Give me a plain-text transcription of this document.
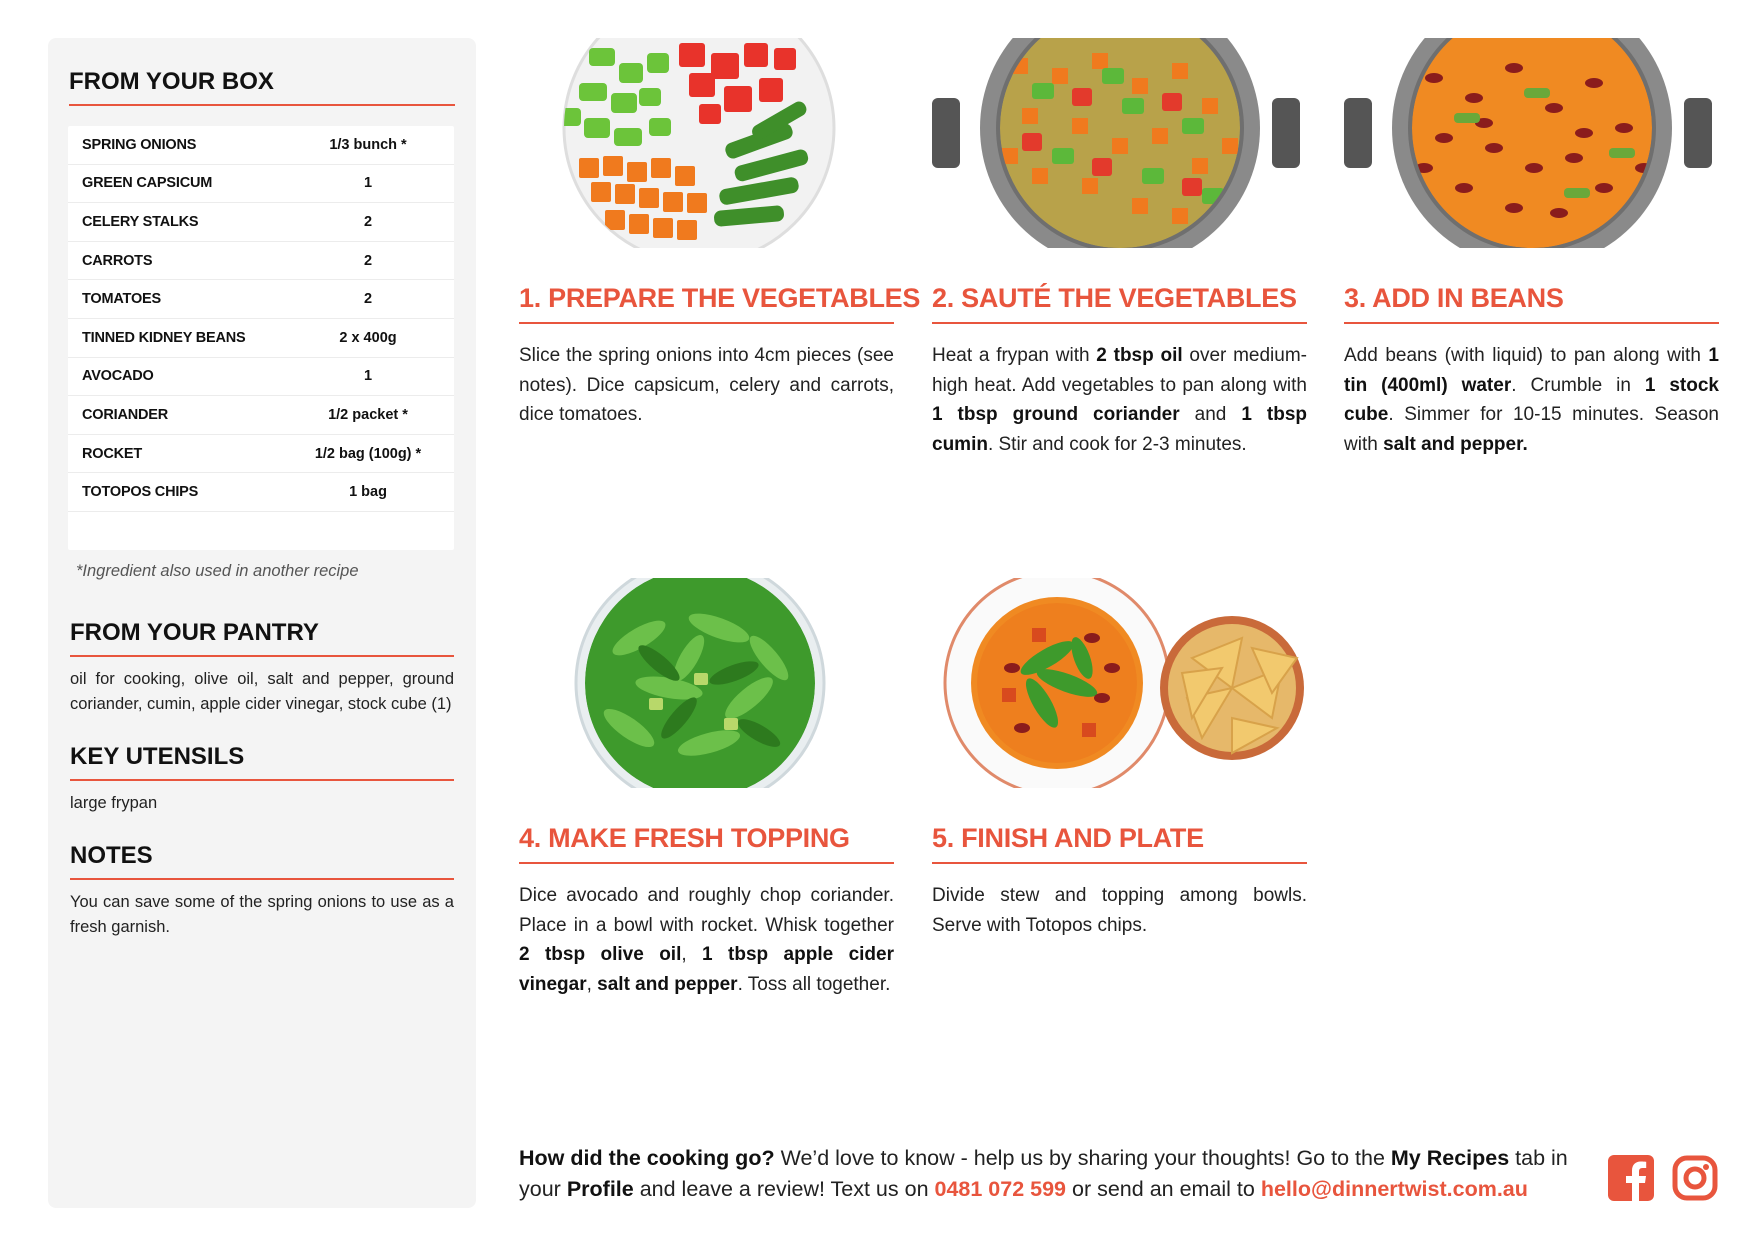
FROM YOUR BOX
SPRING ONIONS	1/3 bunch *
GREEN CAPSICUM	1
CELERY STALKS	2
CARROTS	2
TOMATOES	2
TINNED KIDNEY BEANS	2 x 400g
AVOCADO	1
CORIANDER	1/2 packet *
ROCKET	1/2 bag (100g) *
TOTOPOS CHIPS	1 bag
*Ingredient also used in another recipe
FROM YOUR PANTRY
oil for cooking, olive oil, salt and pepper, ground coriander, cumin, apple cider vinegar, stock cube (1)
KEY UTENSILS
large frypan
NOTES
You can save some of the spring onions to use as a fresh garnish.
1. PREPARE THE VEGETABLES
Slice the spring onions into 4cm pieces (see notes). Dice capsicum, celery and carrots, dice tomatoes.
2. SAUTÉ THE VEGETABLES
Heat a frypan with 2 tbsp oil over medium-high heat. Add vegetables to pan along with 1 tbsp ground coriander and 1 tbsp cumin. Stir and cook for 2-3 minutes.
3. ADD IN BEANS
Add beans (with liquid) to pan along with 1 tin (400ml) water. Crumble in 1 stock cube. Simmer for 10-15 minutes. Season with salt and pepper.
4. MAKE FRESH TOPPING
Dice avocado and roughly chop coriander. Place in a bowl with rocket. Whisk together 2 tbsp olive oil, 1 tbsp apple cider vinegar, salt and pepper. Toss all together.
5. FINISH AND PLATE
Divide stew and topping among bowls. Serve with Totopos chips.
How did the cooking go? We’d love to know - help us by sharing your thoughts! Go to the My Recipes tab in your Profile and leave a review! Text us on 0481 072 599 or send an email to hello@dinnertwist.com.au
